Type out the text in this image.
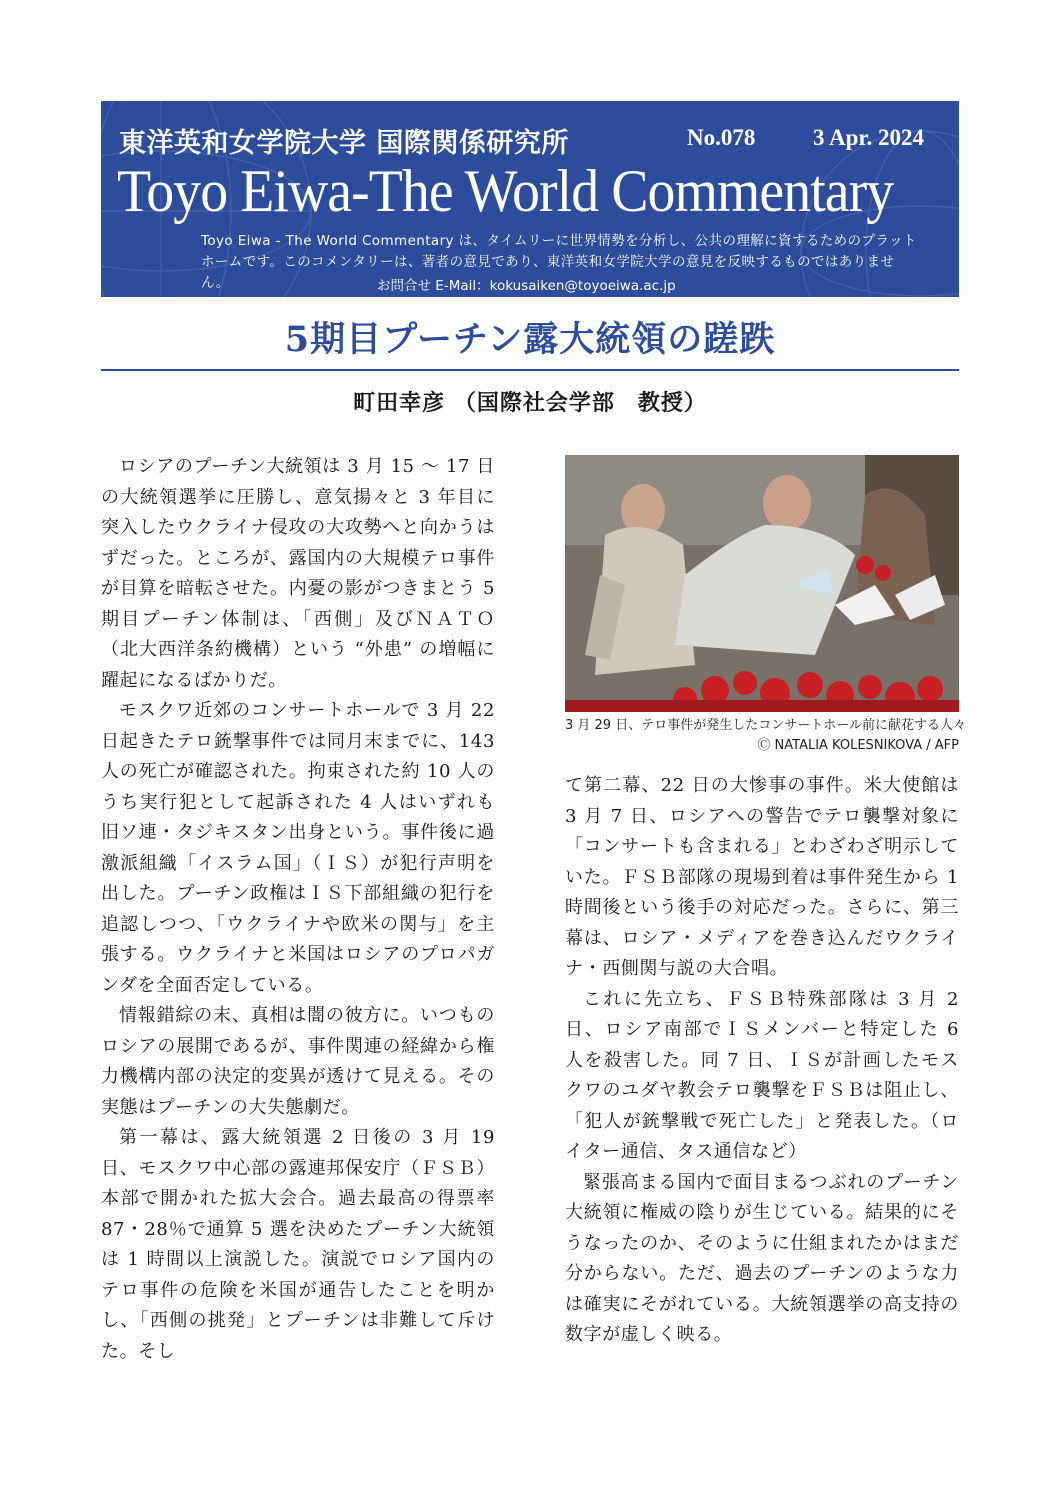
東洋英和女学院大学 国際関係研究所	No.078	3 Apr. 2024
Toyo Eiwa-The World Commentary
Toyo Eiwa - The World Commentary は、タイムリーに世界情勢を分析し、公共の理解に資するためのプラットホームです。このコメンタリーは、著者の意見であり、東洋英和女学院大学の意見を反映するものではありません。	お問合せ E-Mail：kokusaiken@toyoeiwa.ac.jp
5期目プーチン露大統領の蹉跌
町田幸彦 （国際社会学部　教授）

ロシアのプーチン大統領は 3 月 15 ～ 17 日の大統領選挙に圧勝し、意気揚々と 3 年目に突入したウクライナ侵攻の大攻勢へと向かうはずだった。ところが、露国内の大規模テロ事件が目算を暗転させた。内憂の影がつきまとう 5 期目プーチン体制は、「西側」及びＮＡＴＯ（北大西洋条約機構）という “外患” の増幅に躍起になるばかりだ。

モスクワ近郊のコンサートホールで 3 月 22 日起きたテロ銃撃事件では同月末までに、143 人の死亡が確認された。拘束された約 10 人のうち実行犯として起訴された 4 人はいずれも旧ソ連・タジキスタン出身という。事件後に過激派組織「イスラム国」（ＩＳ）が犯行声明を出した。プーチン政権はＩＳ下部組織の犯行を追認しつつ、「ウクライナや欧米の関与」を主張する。ウクライナと米国はロシアのプロパガンダを全面否定している。

情報錯綜の末、真相は闇の彼方に。いつものロシアの展開であるが、事件関連の経緯から権力機構内部の決定的変異が透けて見える。その実態はプーチンの大失態劇だ。

第一幕は、露大統領選 2 日後の 3 月 19 日、モスクワ中心部の露連邦保安庁（ＦＳＢ）本部で開かれた拡大会合。過去最高の得票率 87・28％で通算 5 選を決めたプーチン大統領は 1 時間以上演説した。演説でロシア国内のテロ事件の危険を米国が通告したことを明かし、「西側の挑発」とプーチンは非難して斥けた。そし

3 月 29 日、テロ事件が発生したコンサートホール前に献花する人々
Ⓒ NATALIA KOLESNIKOVA / AFP

て第二幕、22 日の大惨事の事件。米大使館は 3 月 7 日、ロシアへの警告でテロ襲撃対象に「コンサートも含まれる」とわざわざ明示していた。ＦＳＢ部隊の現場到着は事件発生から 1 時間後という後手の対応だった。さらに、第三幕は、ロシア・メディアを巻き込んだウクライナ・西側関与説の大合唱。

これに先立ち、ＦＳＢ特殊部隊は 3 月 2 日、ロシア南部でＩＳメンバーと特定した 6 人を殺害した。同 7 日、ＩＳが計画したモスクワのユダヤ教会テロ襲撃をＦＳＢは阻止し、「犯人が銃撃戦で死亡した」と発表した。（ロイター通信、タス通信など）

緊張高まる国内で面目まるつぶれのプーチン大統領に権威の陰りが生じている。結果的にそうなったのか、そのように仕組まれたかはまだ分からない。ただ、過去のプーチンのような力は確実にそがれている。大統領選挙の高支持の数字が虚しく映る。
